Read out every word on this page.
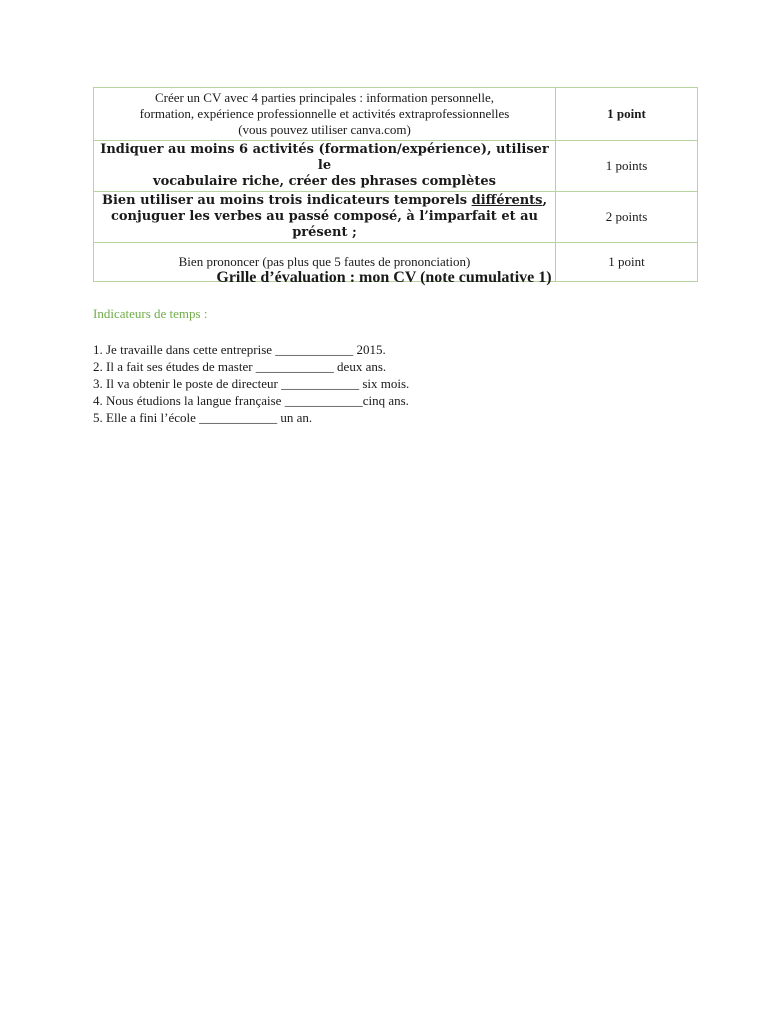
Créer un CV avec 4 parties principales : information personnelle,
formation, expérience professionnelle et activités extraprofessionnelles
(vous pouvez utiliser canva.com)	1 point
Indiquer au moins 6 activités (formation/expérience), utiliser le
vocabulaire riche, créer des phrases complètes	1 points
Bien utiliser au moins trois indicateurs temporels différents,
conjuguer les verbes au passé composé, à l’imparfait et au
présent ;	2 points
Bien prononcer (pas plus que 5 fautes de prononciation)	1 point
Grille d’évaluation : mon CV (note cumulative 1)
Indicateurs de temps :
1. Je travaille dans cette entreprise ____________ 2015.
2. Il a fait ses études de master ____________ deux ans.
3. Il va obtenir le poste de directeur ____________ six mois.
4. Nous étudions la langue française ____________cinq ans.
5. Elle a fini l’école ____________ un an.
